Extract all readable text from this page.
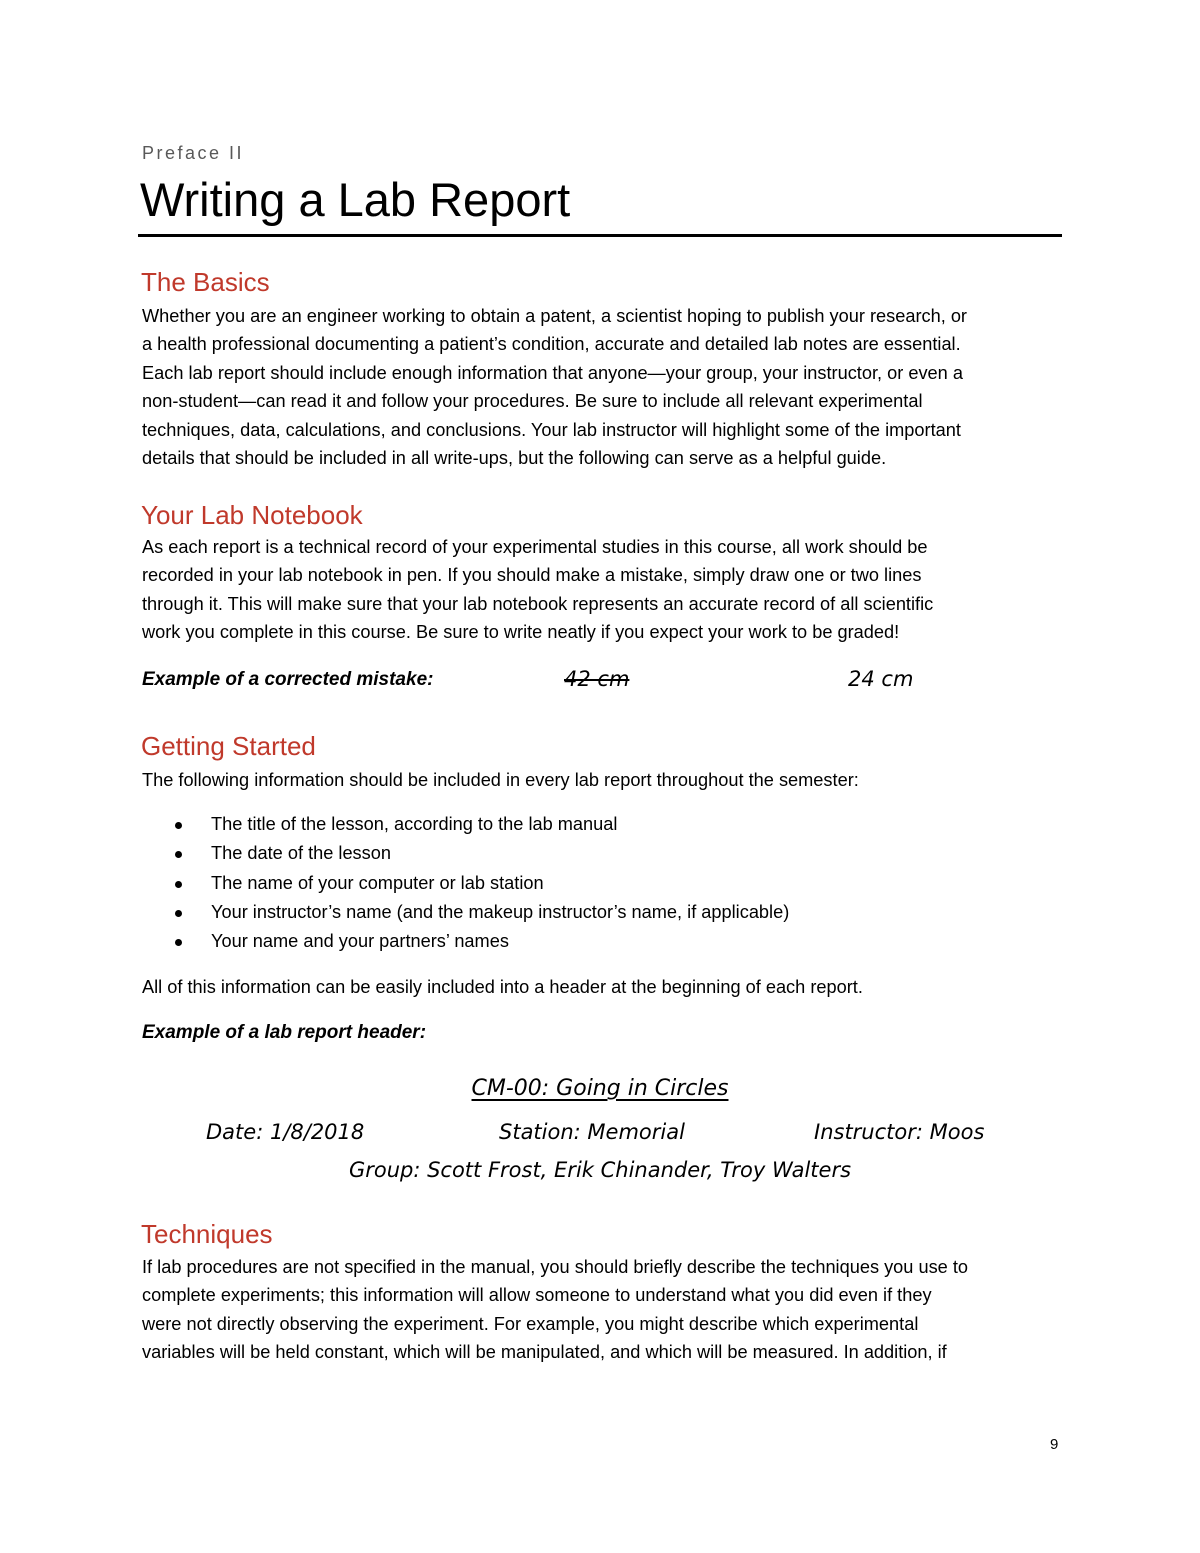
Preface II
Writing a Lab Report
The Basics
Whether you are an engineer working to obtain a patent, a scientist hoping to publish your research, or
a health professional documenting a patient’s condition, accurate and detailed lab notes are essential.
Each lab report should include enough information that anyone—your group, your instructor, or even a
non-student—can read it and follow your procedures. Be sure to include all relevant experimental
techniques, data, calculations, and conclusions. Your lab instructor will highlight some of the important
details that should be included in all write-ups, but the following can serve as a helpful guide.
Your Lab Notebook
As each report is a technical record of your experimental studies in this course, all work should be
recorded in your lab notebook in pen. If you should make a mistake, simply draw one or two lines
through it. This will make sure that your lab notebook represents an accurate record of all scientific
work you complete in this course. Be sure to write neatly if you expect your work to be graded!
Example of a corrected mistake:	42 cm	24 cm
Getting Started
The following information should be included in every lab report throughout the semester:
The title of the lesson, according to the lab manual
The date of the lesson
The name of your computer or lab station
Your instructor’s name (and the makeup instructor’s name, if applicable)
Your name and your partners’ names
All of this information can be easily included into a header at the beginning of each report.
Example of a lab report header:
CM-00: Going in Circles
Date: 1/8/2018	Station: Memorial	Instructor: Moos
Group: Scott Frost, Erik Chinander, Troy Walters
Techniques
If lab procedures are not specified in the manual, you should briefly describe the techniques you use to
complete experiments; this information will allow someone to understand what you did even if they
were not directly observing the experiment. For example, you might describe which experimental
variables will be held constant, which will be manipulated, and which will be measured. In addition, if
9
